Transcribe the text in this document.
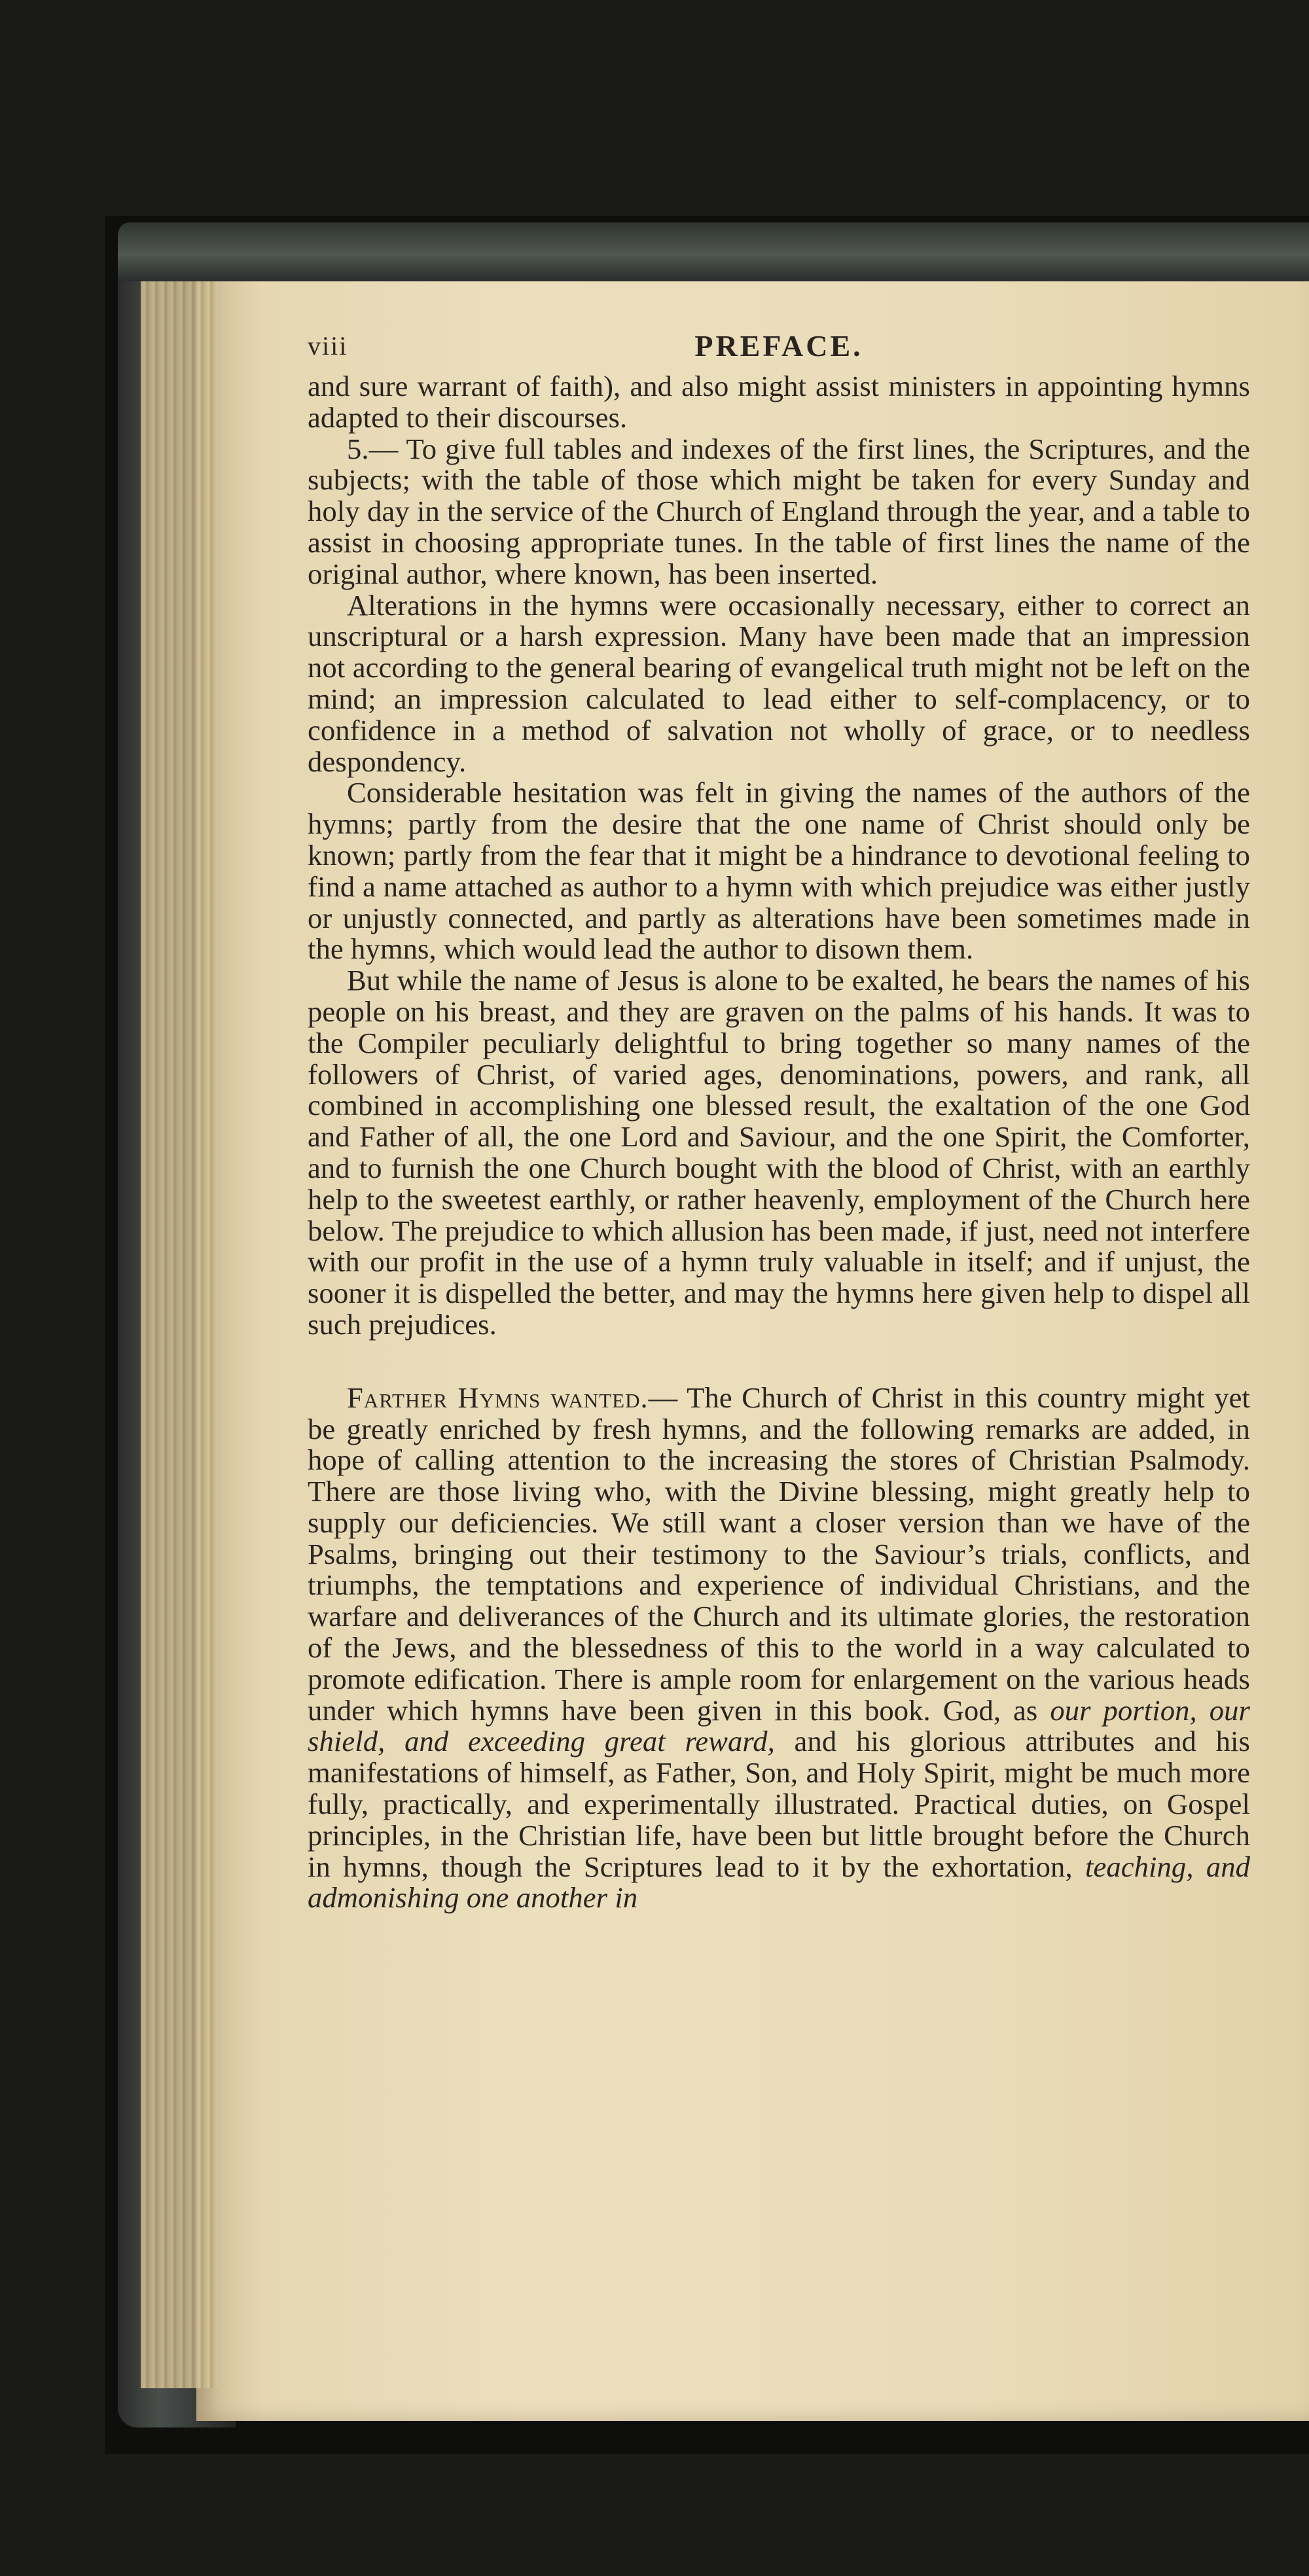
viii	PREFACE.

and sure warrant of faith), and also might assist ministers in appointing hymns adapted to their discourses.

5.— To give full tables and indexes of the first lines, the Scriptures, and the subjects; with the table of those which might be taken for every Sunday and holy day in the service of the Church of England through the year, and a table to assist in choosing appropriate tunes. In the table of first lines the name of the original author, where known, has been inserted.

Alterations in the hymns were occasionally necessary, either to correct an unscriptural or a harsh expression. Many have been made that an impression not according to the general bearing of evangelical truth might not be left on the mind; an impression calculated to lead either to self-complacency, or to confidence in a method of salvation not wholly of grace, or to needless despondency.

Considerable hesitation was felt in giving the names of the authors of the hymns; partly from the desire that the one name of Christ should only be known; partly from the fear that it might be a hindrance to devotional feeling to find a name attached as author to a hymn with which prejudice was either justly or unjustly connected, and partly as alterations have been sometimes made in the hymns, which would lead the author to disown them.

But while the name of Jesus is alone to be exalted, he bears the names of his people on his breast, and they are graven on the palms of his hands. It was to the Compiler peculiarly delightful to bring together so many names of the followers of Christ, of varied ages, denominations, powers, and rank, all combined in accomplishing one blessed result, the exaltation of the one God and Father of all, the one Lord and Saviour, and the one Spirit, the Comforter, and to furnish the one Church bought with the blood of Christ, with an earthly help to the sweetest earthly, or rather heavenly, employment of the Church here below. The prejudice to which allusion has been made, if just, need not interfere with our profit in the use of a hymn truly valuable in itself; and if unjust, the sooner it is dispelled the better, and may the hymns here given help to dispel all such prejudices.

Farther Hymns wanted.— The Church of Christ in this country might yet be greatly enriched by fresh hymns, and the following remarks are added, in hope of calling attention to the increasing the stores of Christian Psalmody. There are those living who, with the Divine blessing, might greatly help to supply our deficiencies. We still want a closer version than we have of the Psalms, bringing out their testimony to the Saviour’s trials, conflicts, and triumphs, the temptations and experience of individual Christians, and the warfare and deliverances of the Church and its ultimate glories, the restoration of the Jews, and the blessedness of this to the world in a way calculated to promote edification. There is ample room for enlargement on the various heads under which hymns have been given in this book. God, as our portion, our shield, and exceeding great reward, and his glorious attributes and his manifestations of himself, as Father, Son, and Holy Spirit, might be much more fully, practically, and experimentally illustrated. Practical duties, on Gospel principles, in the Christian life, have been but little brought before the Church in hymns, though the Scriptures lead to it by the exhortation, teaching, and admonishing one another in
